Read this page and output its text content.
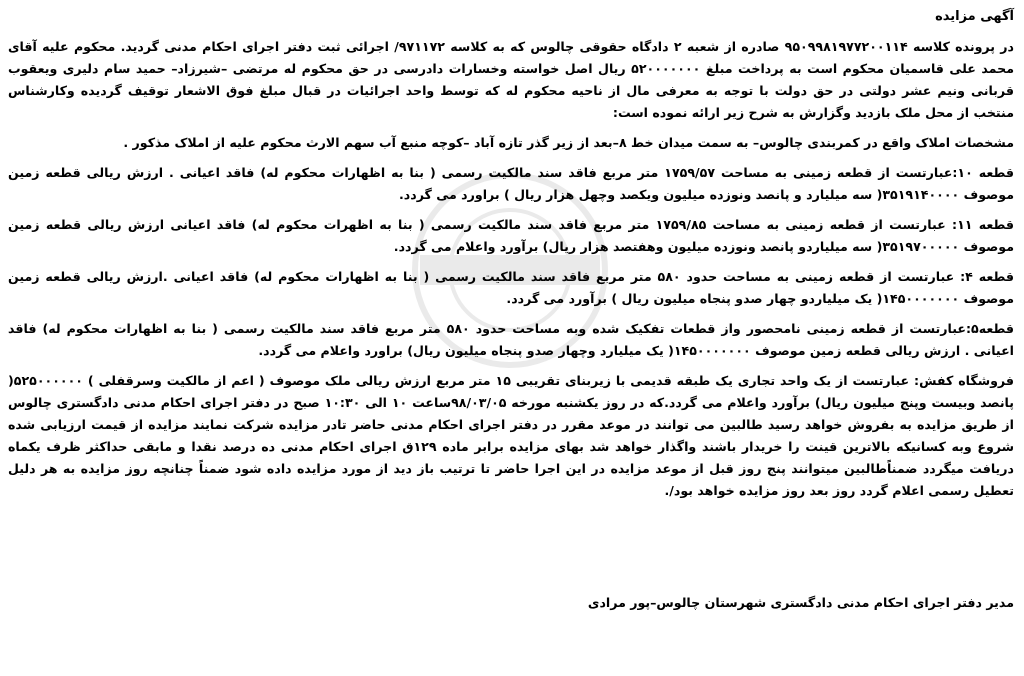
آگهی مزایده

در پرونده کلاسه ۹۵۰۹۹۸۱۹۷۷۲۰۰۱۱۴ صادره از شعبه ۲ دادگاه حقوقی چالوس که به کلاسه ۹۷۱۱۷۲/ اجرائی ثبت دفتر اجرای احکام مدنی گردید. محکوم علیه آقای محمد علی قاسمیان محکوم است به پرداخت مبلغ ۵۲۰۰۰۰۰۰۰ ریال اصل خواسته وخسارات دادرسی در حق محکوم له مرتضی –شیرزاد– حمید سام دلیری ویعقوب قربانی ونیم عشر دولتی در حق دولت با توجه به معرفی مال از ناحیه محکوم له که توسط واحد اجرائیات در قبال مبلغ فوق الاشعار توقیف گردیده وکارشناس منتخب از محل ملک بازدید وگزارش به شرح زیر ارائه نموده است:

مشخصات املاک واقع در کمربندی چالوس– به سمت میدان خط ۸–بعد از زیر گذر تازه آباد –کوچه منبع آب سهم الارث محکوم علیه از املاک مذکور .

قطعه ۱۰:عبارتست از قطعه زمینی به مساحت ۱۷۵۹/۵۷ متر مربع فاقد سند مالکیت رسمی ( بنا به اظهارات محکوم له) فاقد اعیانی . ارزش ریالی قطعه زمین موصوف ۳۵۱۹۱۴۰۰۰۰( سه میلیارد و پانصد ونوزده میلیون ویکصد وچهل هزار ریال ) براورد می گردد.

قطعه ۱۱: عبارتست از قطعه زمینی به مساحت ۱۷۵۹/۸۵ متر مربع فاقد سند مالکیت رسمی ( بنا به اظهرات محکوم له) فاقد اعیانی ارزش ریالی قطعه زمین موصوف ۳۵۱۹۷۰۰۰۰۰( سه میلیاردو پانصد ونوزده میلیون وهفتصد هزار ریال) برآورد واعلام می گردد.

قطعه ۴: عبارتست از قطعه زمینی به مساحت حدود ۵۸۰ متر مربع فاقد سند مالکیت رسمی ( بنا به اظهارات محکوم له) فاقد اعیانی .ارزش ریالی قطعه زمین موصوف ۱۴۵۰۰۰۰۰۰۰( یک میلیاردو چهار صدو پنجاه میلیون ریال ) برآورد می گردد.

قطعه۵:عبارتست از قطعه زمینی نامحصور واز قطعات تفکیک شده وبه مساحت حدود ۵۸۰ متر مربع فاقد سند مالکیت رسمی ( بنا به اظهارات محکوم له) فاقد اعیانی . ارزش ریالی قطعه زمین موصوف ۱۴۵۰۰۰۰۰۰۰( یک میلیارد وچهار صدو پنجاه میلیون ریال) براورد واعلام می گردد.

فروشگاه کفش: عبارتست از یک واحد تجاری یک طبقه قدیمی با زیربنای تقریبی ۱۵ متر مربع ارزش ریالی ملک موصوف ( اعم از مالکیت وسرقفلی ) ۵۲۵۰۰۰۰۰۰( پانصد وبیست وپنج میلیون ریال) برآورد واعلام می گردد.که در روز یکشنبه مورخه ۹۸/۰۳/۰۵ساعت ۱۰ الی ۱۰:۳۰ صبح در دفتر اجرای احکام مدنی دادگستری چالوس از طریق مزایده به بفروش خواهد رسید طالبین می توانند در موعد مقرر در دفتر اجرای احکام مدنی حاضر تادر مزایده شرکت نمایند مزایده از قیمت ارزیابی شده شروع وبه کسانیکه بالاترین قینت را خریدار باشند واگذار خواهد شد بهای مزایده برابر ماده ۱۲۹ق اجرای احکام مدنی ده درصد نقدا و مابقی حداکثر ظرف یکماه دریافت میگردد ضمناًطالبین میتوانند پنج روز قبل از موعد مزایده در این اجرا حاضر تا ترتیب باز دید از مورد مزایده داده شود ضمناً چنانچه روز مزایده به هر دلیل تعطیل رسمی اعلام گردد روز بعد روز مزایده خواهد بود/.

مدیر دفتر اجرای احکام مدنی دادگستری شهرستان چالوس–پور مرادی
